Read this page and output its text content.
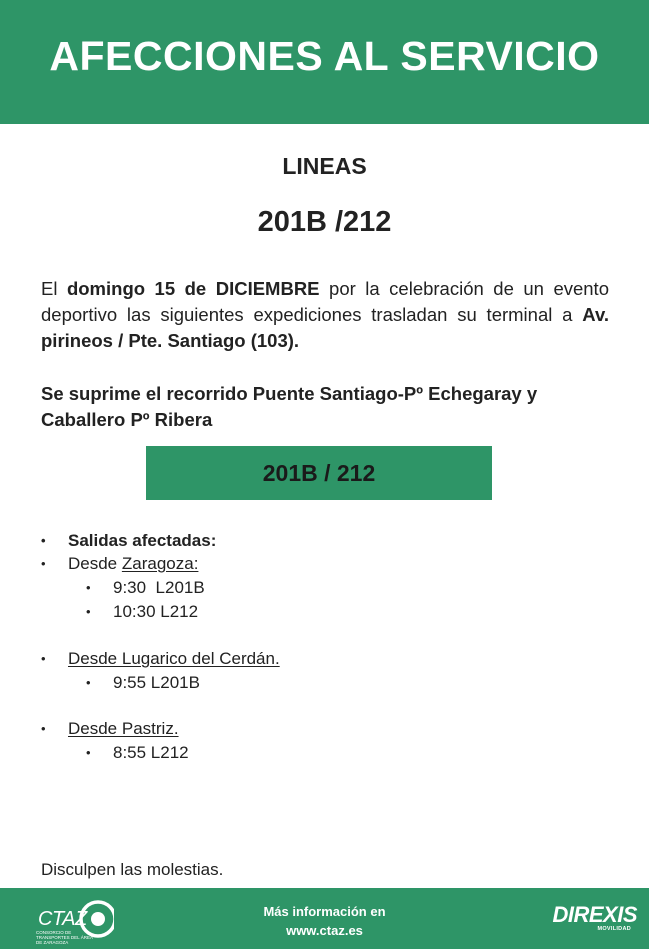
AFECCIONES AL SERVICIO
LINEAS
201B /212
El domingo 15 de DICIEMBRE por la celebración de un evento deportivo las siguientes expediciones trasladan su terminal a Av. pirineos / Pte. Santiago (103).
Se suprime el recorrido Puente Santiago-Pº Echegaray y Caballero Pº Ribera
201B / 212
• Salidas afectadas:
• Desde Zaragoza:
• 9:30  L201B
• 10:30 L212
• Desde Lugarico del Cerdán.
• 9:55 L201B
• Desde Pastriz.
• 8:55 L212
Disculpen las molestias.
CTAZ
CONSORCIO DE TRANSPORTES DEL ÁREA DE ZARAGOZA
Más información en
www.ctaz.es
DIREXIS
MOVILIDAD
